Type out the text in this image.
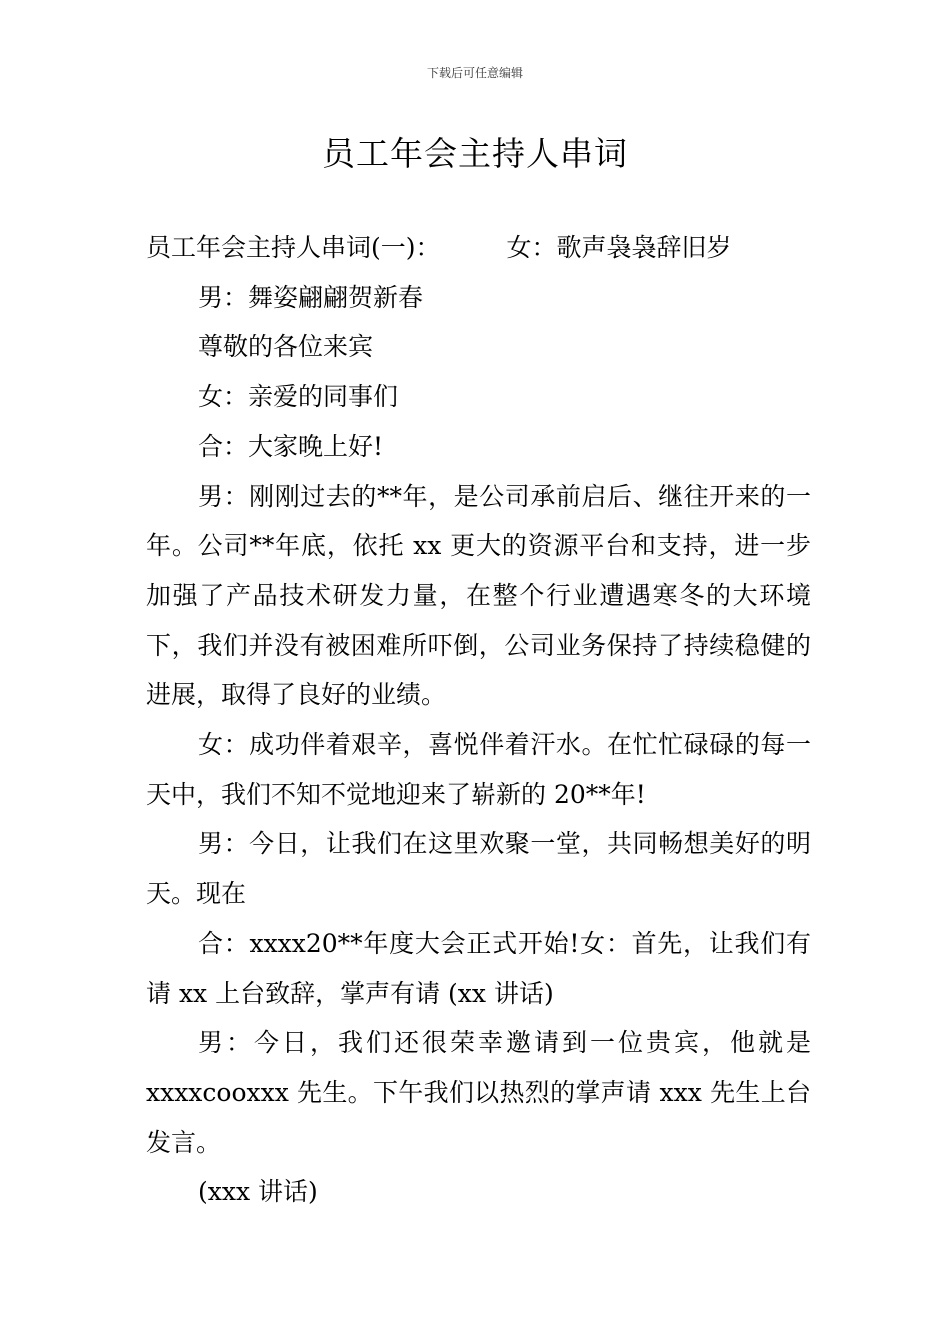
下载后可任意编辑
员工年会主持人串词

员工年会主持人串词(一)：	女：歌声袅袅辞旧岁

男：舞姿翩翩贺新春

尊敬的各位来宾

女：亲爱的同事们

合：大家晚上好!

男：刚刚过去的**年，是公司承前启后、继往开来的一年。公司**年底，依托 xx 更大的资源平台和支持，进一步加强了产品技术研发力量，在整个行业遭遇寒冬的大环境下，我们并没有被困难所吓倒，公司业务保持了持续稳健的进展，取得了良好的业绩。

女：成功伴着艰辛，喜悦伴着汗水。在忙忙碌碌的每一天中，我们不知不觉地迎来了崭新的 20**年!

男：今日，让我们在这里欢聚一堂，共同畅想美好的明天。现在

合：xxxx20**年度大会正式开始!女：首先，让我们有请 xx 上台致辞，掌声有请 (xx 讲话)

男：今日，我们还很荣幸邀请到一位贵宾，他就是 xxxxcooxxx 先生。下午我们以热烈的掌声请 xxx 先生上台发言。

(xxx 讲话)
